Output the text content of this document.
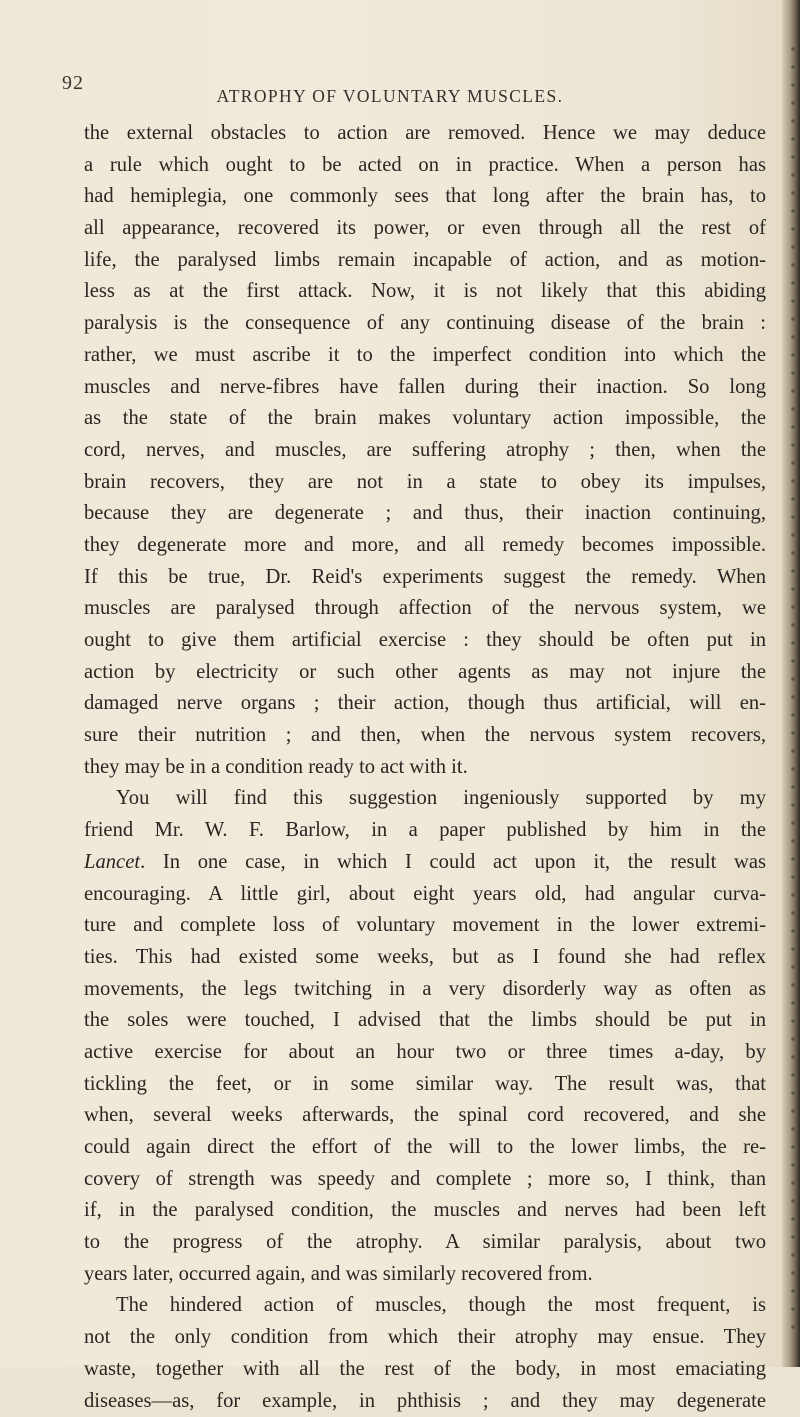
92
ATROPHY OF VOLUNTARY MUSCLES.
the external obstacles to action are removed. Hence we may deduce
a rule which ought to be acted on in practice. When a person has
had hemiplegia, one commonly sees that long after the brain has, to
all appearance, recovered its power, or even through all the rest of
life, the paralysed limbs remain incapable of action, and as motion-
less as at the first attack. Now, it is not likely that this abiding
paralysis is the consequence of any continuing disease of the brain :
rather, we must ascribe it to the imperfect condition into which the
muscles and nerve-fibres have fallen during their inaction. So long
as the state of the brain makes voluntary action impossible, the
cord, nerves, and muscles, are suffering atrophy ; then, when the
brain recovers, they are not in a state to obey its impulses,
because they are degenerate ; and thus, their inaction continuing,
they degenerate more and more, and all remedy becomes impossible.
If this be true, Dr. Reid's experiments suggest the remedy. When
muscles are paralysed through affection of the nervous system, we
ought to give them artificial exercise : they should be often put in
action by electricity or such other agents as may not injure the
damaged nerve organs ; their action, though thus artificial, will en-
sure their nutrition ; and then, when the nervous system recovers,
they may be in a condition ready to act with it.
You will find this suggestion ingeniously supported by my
friend Mr. W. F. Barlow, in a paper published by him in the
Lancet. In one case, in which I could act upon it, the result was
encouraging. A little girl, about eight years old, had angular curva-
ture and complete loss of voluntary movement in the lower extremi-
ties. This had existed some weeks, but as I found she had reflex
movements, the legs twitching in a very disorderly way as often as
the soles were touched, I advised that the limbs should be put in
active exercise for about an hour two or three times a-day, by
tickling the feet, or in some similar way. The result was, that
when, several weeks afterwards, the spinal cord recovered, and she
could again direct the effort of the will to the lower limbs, the re-
covery of strength was speedy and complete ; more so, I think, than
if, in the paralysed condition, the muscles and nerves had been left
to the progress of the atrophy. A similar paralysis, about two
years later, occurred again, and was similarly recovered from.
The hindered action of muscles, though the most frequent, is
not the only condition from which their atrophy may ensue. They
waste, together with all the rest of the body, in most emaciating
diseases—as, for example, in phthisis ; and they may degenerate
